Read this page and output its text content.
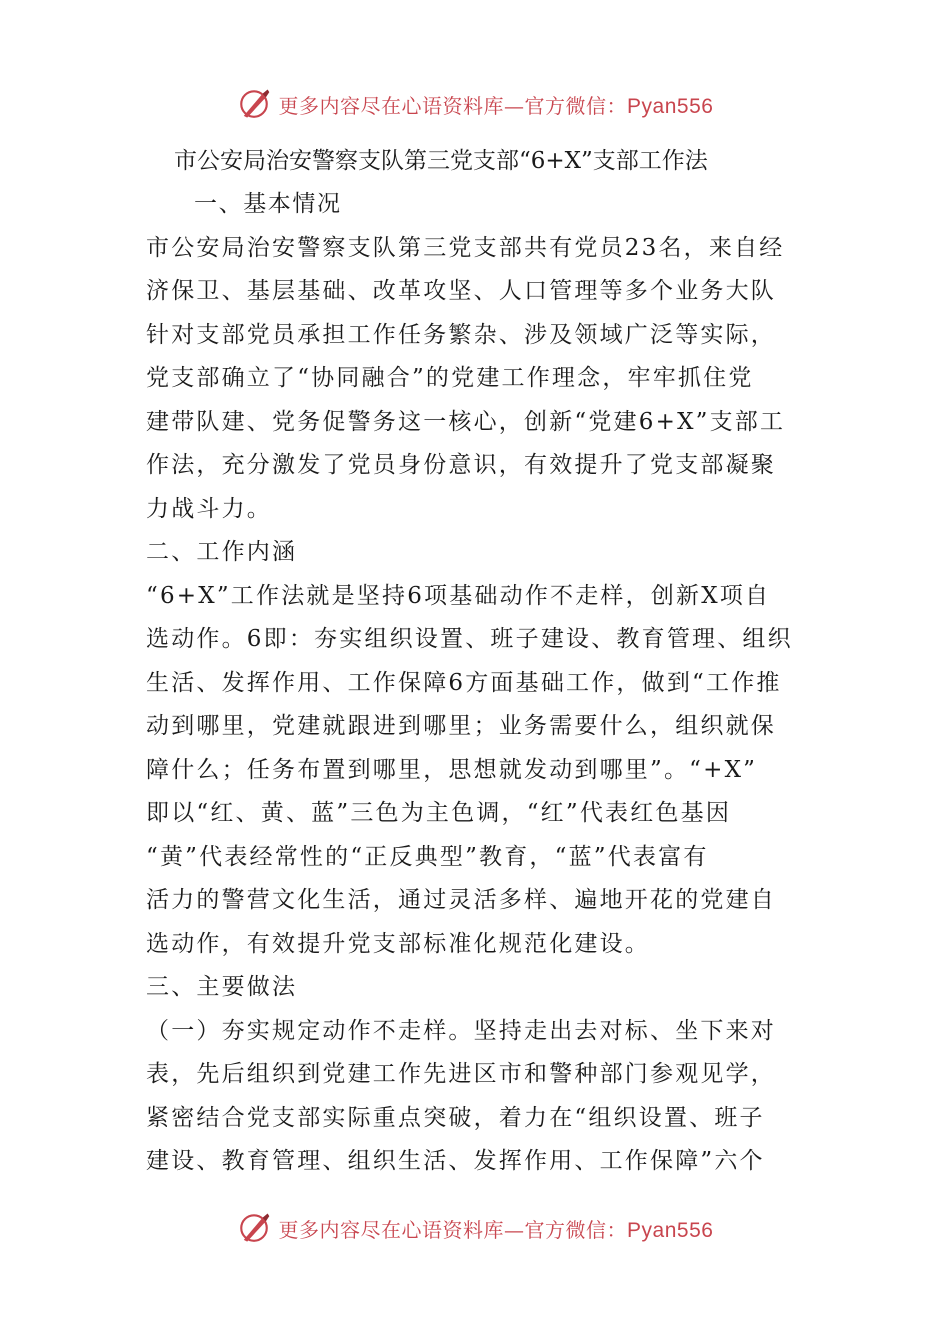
更多内容尽在心语资料库—官方微信：Pyan556
市公安局治安警察支队第三党支部“6+X”支部工作法

一、基本情况

市公安局治安警察支队第三党支部共有党员23名，来自经

济保卫、基层基础、改革攻坚、人口管理等多个业务大队

针对支部党员承担工作任务繁杂、涉及领域广泛等实际，

党支部确立了“协同融合”的党建工作理念，牢牢抓住党

建带队建、党务促警务这一核心，创新“党建6+X”支部工

作法，充分激发了党员身份意识，有效提升了党支部凝聚

力战斗力。

二、工作内涵

“6+X”工作法就是坚持6项基础动作不走样，创新X项自

选动作。6即：夯实组织设置、班子建设、教育管理、组织

生活、发挥作用、工作保障6方面基础工作，做到“工作推

动到哪里，党建就跟进到哪里；业务需要什么，组织就保

障什么；任务布置到哪里，思想就发动到哪里”。“+X”

即以“红、黄、蓝”三色为主色调，“红”代表红色基因

“黄”代表经常性的“正反典型”教育，“蓝”代表富有

活力的警营文化生活，通过灵活多样、遍地开花的党建自

选动作，有效提升党支部标准化规范化建设。

三、主要做法

（一）夯实规定动作不走样。坚持走出去对标、坐下来对

表，先后组织到党建工作先进区市和警种部门参观见学，

紧密结合党支部实际重点突破，着力在“组织设置、班子

建设、教育管理、组织生活、发挥作用、工作保障”六个

更多内容尽在心语资料库—官方微信：Pyan556
